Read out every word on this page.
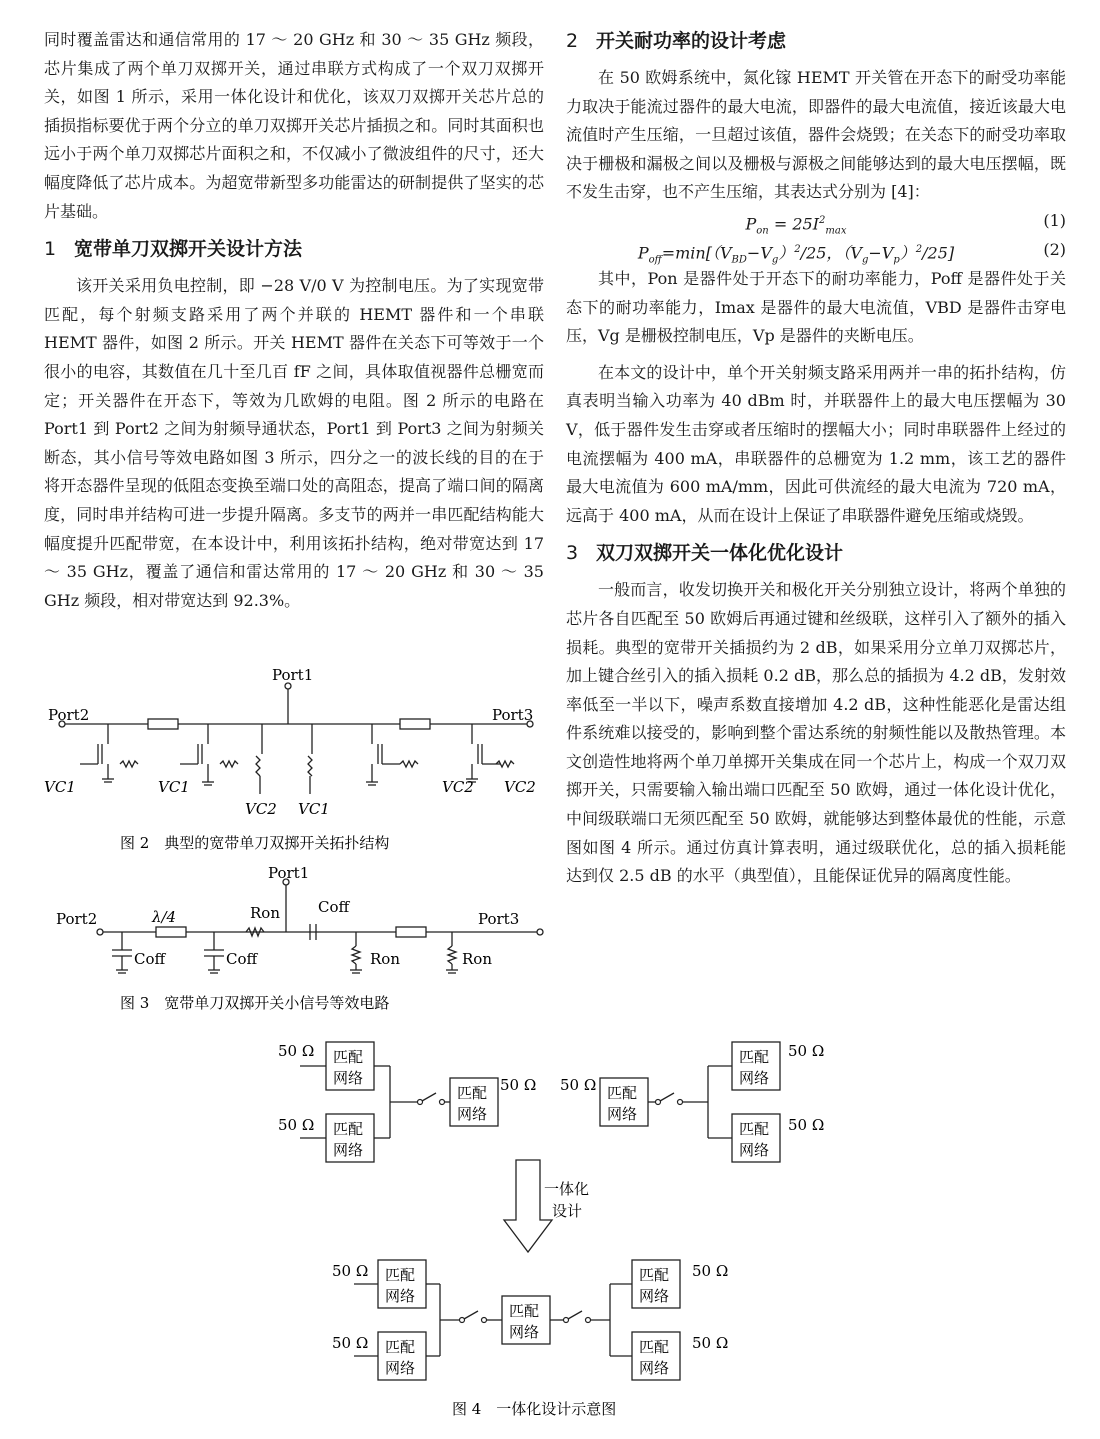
同时覆盖雷达和通信常用的 17 ～ 20 GHz 和 30 ～ 35 GHz 频段，芯片集成了两个单刀双掷开关，通过串联方式构成了一个双刀双掷开关，如图 1 所示，采用一体化设计和优化，该双刀双掷开关芯片总的插损指标要优于两个分立的单刀双掷开关芯片插损之和。同时其面积也远小于两个单刀双掷芯片面积之和，不仅减小了微波组件的尺寸，还大幅度降低了芯片成本。为超宽带新型多功能雷达的研制提供了坚实的芯片基础。

1 宽带单刀双掷开关设计方法

该开关采用负电控制，即 −28 V/0 V 为控制电压。为了实现宽带匹配，每个射频支路采用了两个并联的 HEMT 器件和一个串联 HEMT 器件，如图 2 所示。开关 HEMT 器件在关态下可等效于一个很小的电容，其数值在几十至几百 fF 之间，具体取值视器件总栅宽而定；开关器件在开态下，等效为几欧姆的电阻。图 2 所示的电路在 Port1 到 Port2 之间为射频导通状态，Port1 到 Port3 之间为射频关断态，其小信号等效电路如图 3 所示，四分之一的波长线的目的在于将开态器件呈现的低阻态变换至端口处的高阻态，提高了端口间的隔离度，同时串并结构可进一步提升隔离。多支节的两并一串匹配结构能大幅度提升匹配带宽，在本设计中，利用该拓扑结构，绝对带宽达到 17 ～ 35 GHz，覆盖了通信和雷达常用的 17 ～ 20 GHz 和 30 ～ 35 GHz 频段，相对带宽达到 92.3%。

Port1
Port2	Port3
VC1	VC1
VC2 VC1
VC2 VC2
图 2　典型的宽带单刀双掷开关拓扑结构
Port1
Port2	Port3
λ/4	Ron	Coff
Coff	Coff	Ron	Ron
图 3　宽带单刀双掷开关小信号等效电路
2 开关耐功率的设计考虑

在 50 欧姆系统中，氮化镓 HEMT 开关管在开态下的耐受功率能力取决于能流过器件的最大电流，即器件的最大电流值，接近该最大电流值时产生压缩，一旦超过该值，器件会烧毁；在关态下的耐受功率取决于栅极和漏极之间以及栅极与源极之间能够达到的最大电压摆幅，既不发生击穿，也不产生压缩，其表达式分别为 [4]：

$P_{on} = 25I^2_{max}$
(1)
$P_{off}=\min[(V_{BD}-V_g)^2/25$，$(V_g-V_p)^2/25$]	(2)

其中，Pon 是器件处于开态下的耐功率能力，Poff 是器件处于关态下的耐功率能力，Imax 是器件的最大电流值，VBD 是器件击穿电压，Vg 是栅极控制电压，Vp 是器件的夹断电压。

在本文的设计中，单个开关射频支路采用两并一串的拓扑结构，仿真表明当输入功率为 40 dBm 时，并联器件上的最大电压摆幅为 30 V，低于器件发生击穿或者压缩时的摆幅大小；同时串联器件上经过的电流摆幅为 400 mA，串联器件的总栅宽为 1.2 mm，该工艺的器件最大电流值为 600 mA/mm，因此可供流经的最大电流为 720 mA，远高于 400 mA，从而在设计上保证了串联器件避免压缩或烧毁。

3 双刀双掷开关一体化优化设计

一般而言，收发切换开关和极化开关分别独立设计，将两个单独的芯片各自匹配至 50 欧姆后再通过键和丝级联，这样引入了额外的插入损耗。典型的宽带开关插损约为 2 dB，如果采用分立单刀双掷芯片，加上键合丝引入的插入损耗 0.2 dB，那么总的插损为 4.2 dB，发射效率低至一半以下，噪声系数直接增加 4.2 dB，这种性能恶化是雷达组件系统难以接受的，影响到整个雷达系统的射频性能以及散热管理。本文创造性地将两个单刀单掷开关集成在同一个芯片上，构成一个双刀双掷开关，只需要输入输出端口匹配至 50 欧姆，通过一体化设计优化，中间级联端口无须匹配至 50 欧姆，就能够达到整体最优的性能，示意图如图 4 所示。通过仿真计算表明，通过级联优化，总的插入损耗能达到仅 2.5 dB 的水平（典型值），且能保证优异的隔离度性能。

匹配
网络
匹配
网络
50 Ω
50 Ω
匹配
网络
50 Ω	匹配
网络
50 Ω
匹配
网络
匹配
网络
50 Ω
50 Ω
一体化
设计
匹配
网络
匹配
网络
50 Ω
50 Ω
匹配
网络
匹配
网络
匹配
网络
50 Ω
50 Ω
图 4　一体化设计示意图
